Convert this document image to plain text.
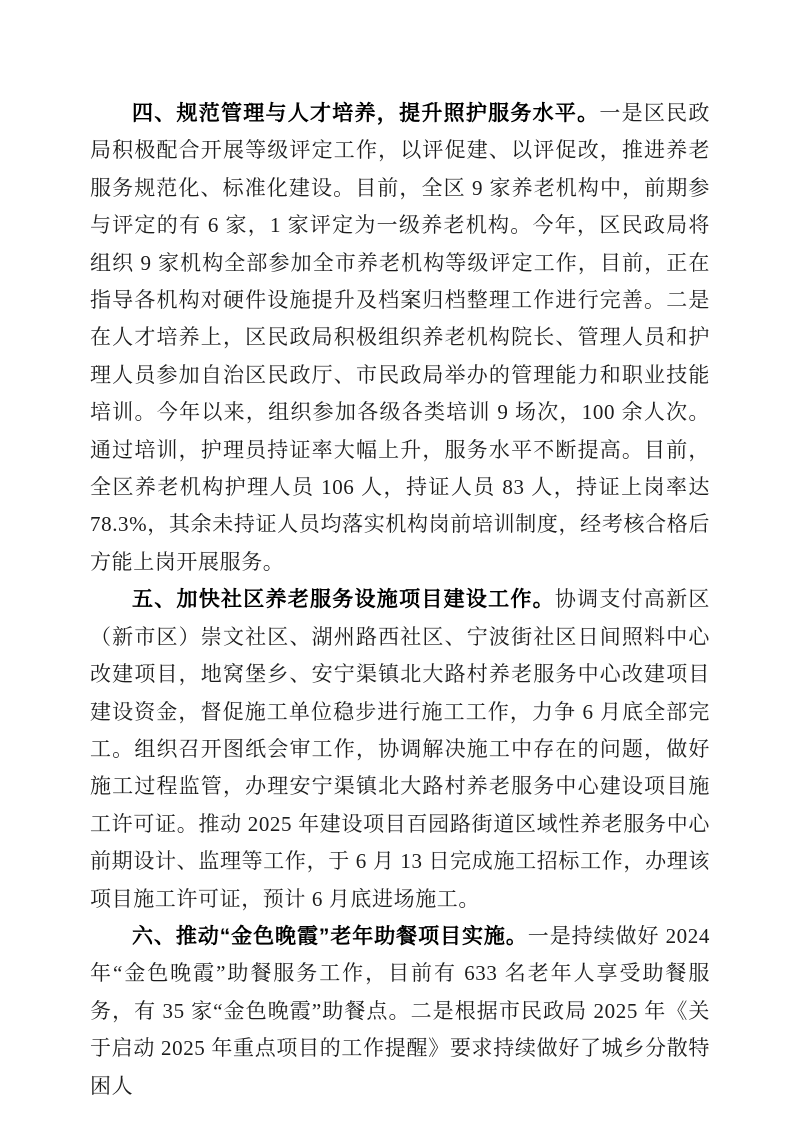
四、规范管理与人才培养，提升照护服务水平。一是区民政局积极配合开展等级评定工作，以评促建、以评促改，推进养老服务规范化、标准化建设。目前，全区 9 家养老机构中，前期参与评定的有 6 家，1 家评定为一级养老机构。今年，区民政局将组织 9 家机构全部参加全市养老机构等级评定工作，目前，正在指导各机构对硬件设施提升及档案归档整理工作进行完善。二是在人才培养上，区民政局积极组织养老机构院长、管理人员和护理人员参加自治区民政厅、市民政局举办的管理能力和职业技能培训。今年以来，组织参加各级各类培训 9 场次，100 余人次。通过培训，护理员持证率大幅上升，服务水平不断提高。目前，全区养老机构护理人员 106 人，持证人员 83 人，持证上岗率达 78.3%，其余未持证人员均落实机构岗前培训制度，经考核合格后方能上岗开展服务。

五、加快社区养老服务设施项目建设工作。协调支付高新区（新市区）崇文社区、湖州路西社区、宁波街社区日间照料中心改建项目，地窝堡乡、安宁渠镇北大路村养老服务中心改建项目建设资金，督促施工单位稳步进行施工工作，力争 6 月底全部完工。组织召开图纸会审工作，协调解决施工中存在的问题，做好施工过程监管，办理安宁渠镇北大路村养老服务中心建设项目施工许可证。推动 2025 年建设项目百园路街道区域性养老服务中心前期设计、监理等工作，于 6 月 13 日完成施工招标工作，办理该项目施工许可证，预计 6 月底进场施工。

六、推动“金色晚霞”老年助餐项目实施。一是持续做好 2024 年“金色晚霞”助餐服务工作，目前有 633 名老年人享受助餐服务，有 35 家“金色晚霞”助餐点。二是根据市民政局 2025 年《关于启动 2025 年重点项目的工作提醒》要求持续做好了城乡分散特困人
